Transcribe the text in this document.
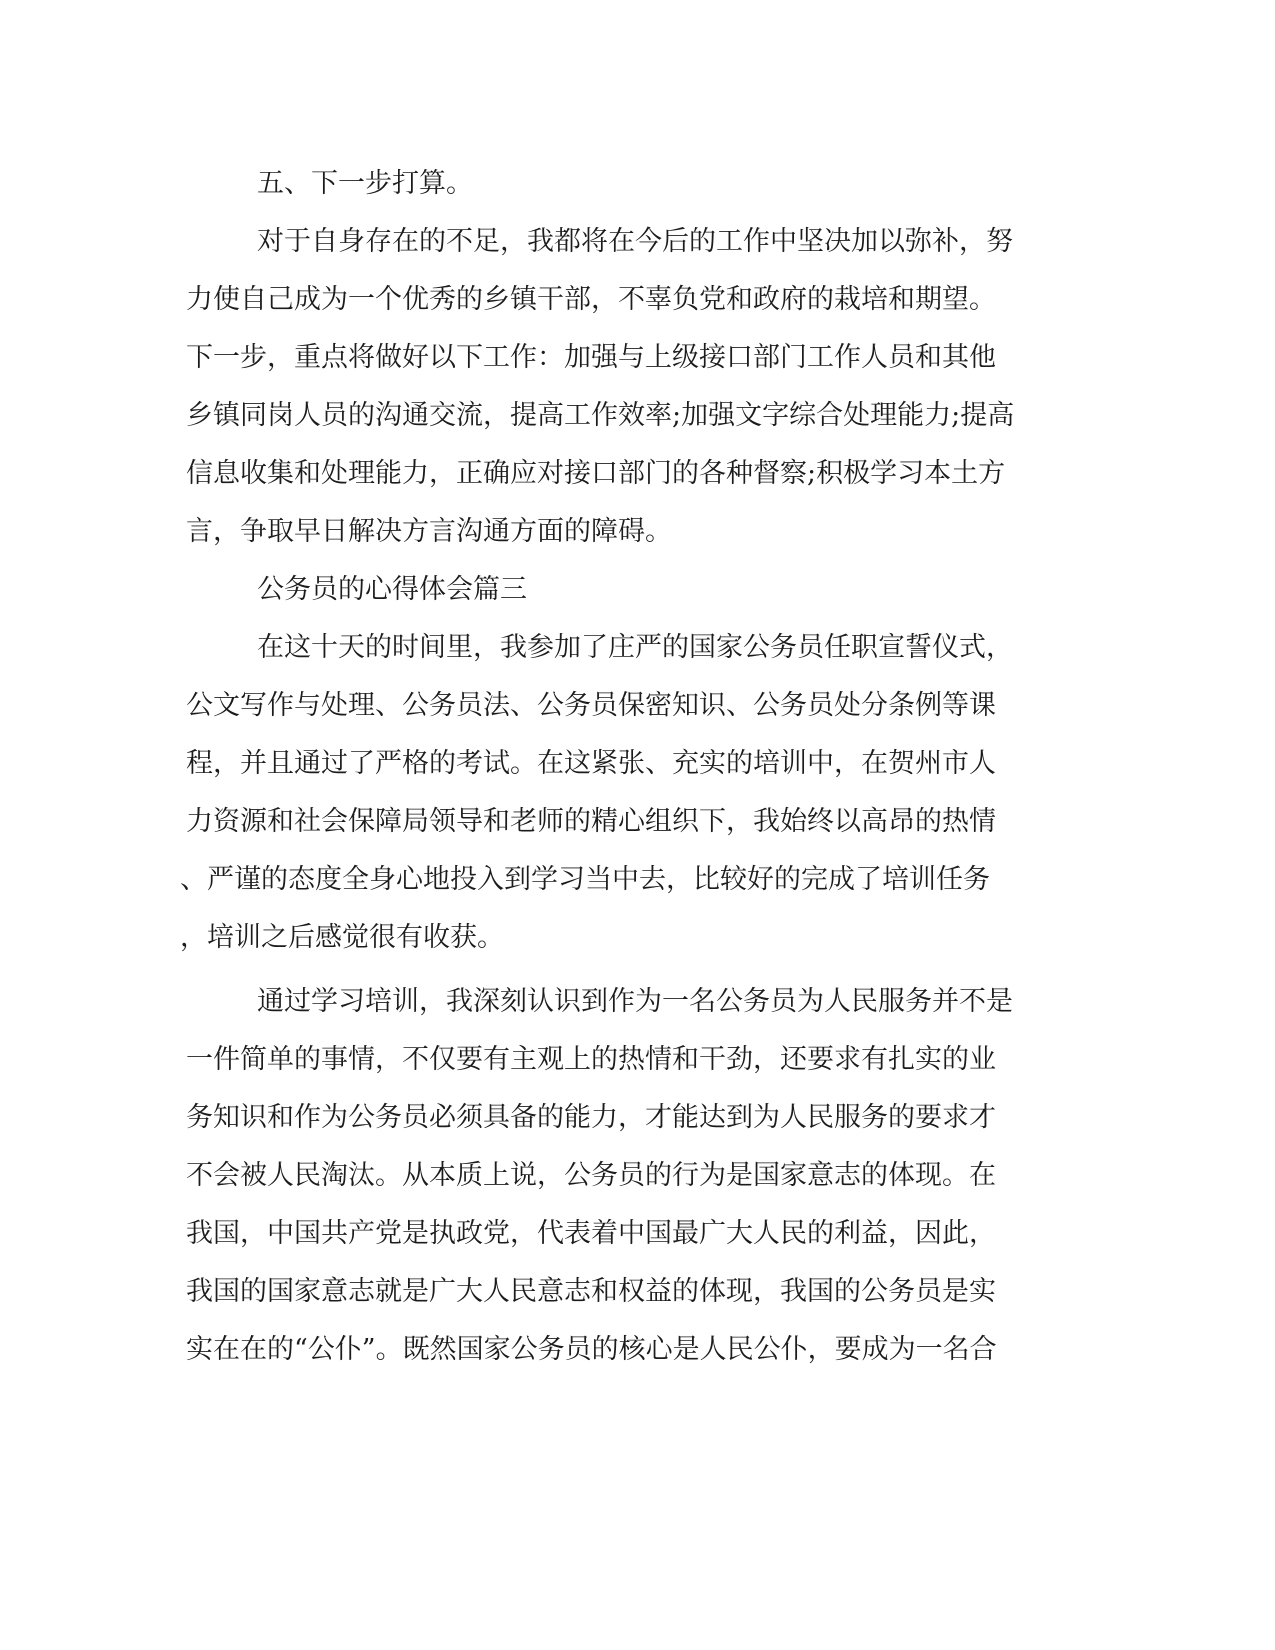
五、下一步打算。

对于自身存在的不足，我都将在今后的工作中坚决加以弥补，努

力使自己成为一个优秀的乡镇干部，不辜负党和政府的栽培和期望。

下一步，重点将做好以下工作：加强与上级接口部门工作人员和其他

乡镇同岗人员的沟通交流，提高工作效率;加强文字综合处理能力;提高

信息收集和处理能力，正确应对接口部门的各种督察;积极学习本土方

言，争取早日解决方言沟通方面的障碍。

公务员的心得体会篇三

在这十天的时间里，我参加了庄严的国家公务员任职宣誓仪式，

公文写作与处理、公务员法、公务员保密知识、公务员处分条例等课

程，并且通过了严格的考试。在这紧张、充实的培训中，在贺州市人

力资源和社会保障局领导和老师的精心组织下，我始终以高昂的热情

、严谨的态度全身心地投入到学习当中去，比较好的完成了培训任务

，培训之后感觉很有收获。

通过学习培训，我深刻认识到作为一名公务员为人民服务并不是

一件简单的事情，不仅要有主观上的热情和干劲，还要求有扎实的业

务知识和作为公务员必须具备的能力，才能达到为人民服务的要求才

不会被人民淘汰。从本质上说，公务员的行为是国家意志的体现。在

我国，中国共产党是执政党，代表着中国最广大人民的利益，因此，

我国的国家意志就是广大人民意志和权益的体现，我国的公务员是实

实在在的“公仆”。既然国家公务员的核心是人民公仆，要成为一名合
